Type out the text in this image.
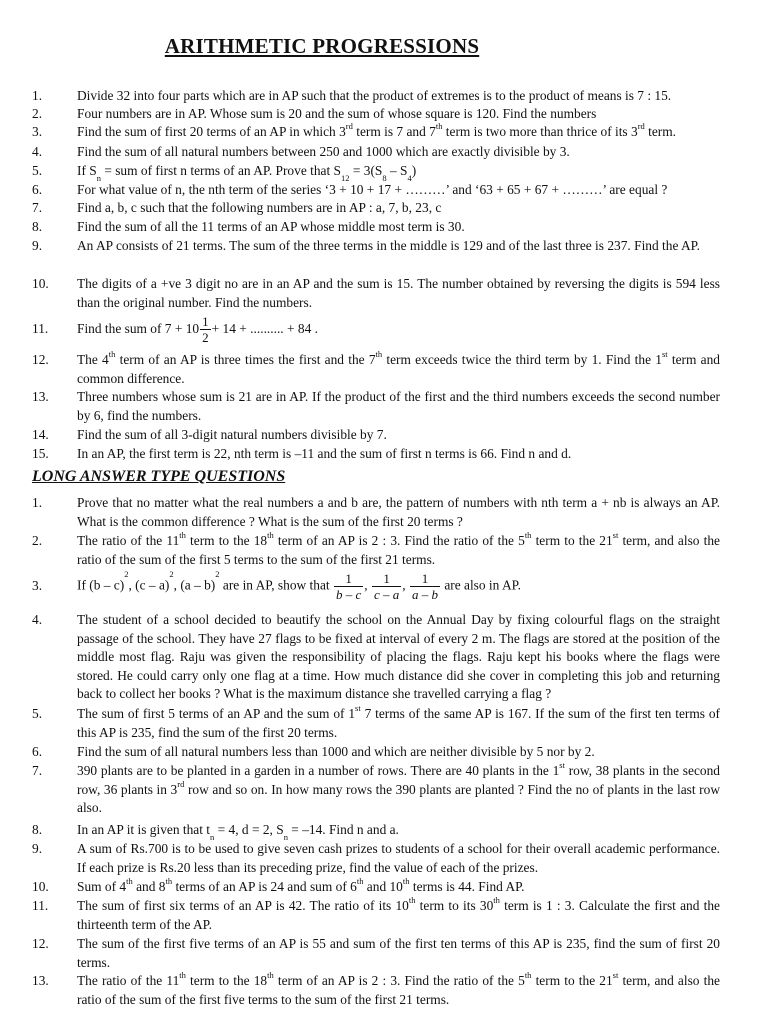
ARITHMETIC PROGRESSIONS
1.	Divide 32 into four parts which are in AP such that the product of extremes is to the product of means is 7 : 15.
2.	Four numbers are in AP. Whose sum is 20 and the sum of whose square is 120. Find the numbers
3.	Find the sum of first 20 terms of an AP in which 3rd term is 7 and 7th term is two more than thrice of its 3rd term.
4.	Find the sum of all natural numbers between 250 and 1000 which are exactly divisible by 3.
5.	If $S_n$ = sum of first n terms of an AP. Prove that $S_{12} = 3(S_8 - S_4)$
6.	For what value of n, the nth term of the series ‘3 + 10 + 17 + ………’ and ‘63 + 65 + 67 + ………’ are equal ?
7.	Find a, b, c such that the following numbers are in AP : a, 7, b, 23, c
8.	Find the sum of all the 11 terms of an AP whose middle most term is 30.
9.	An AP consists of 21 terms. The sum of the three terms in the middle is 129 and of the last three is 237. Find the AP.
10.	The digits of a +ve 3 digit no are in an AP and the sum is 15. The number obtained by reversing the digits is 594 less than the original number. Find the numbers.
11.	Find the sum of $7 + 10 \frac{1}{2} + 14$ + .......... + 84 .
12.	The 4th term of an AP is three times the first and the 7th term exceeds twice the third term by 1. Find the 1st term and common difference.
13.	Three numbers whose sum is 21 are in AP. If the product of the first and the third numbers exceeds the second number by 6, find the numbers.
14.	Find the sum of all 3-digit natural numbers divisible by 7.
15.	In an AP, the first term is 22, nth term is –11 and the sum of first n terms is 66. Find n and d.
LONG ANSWER TYPE QUESTIONS
1.	Prove that no matter what the real numbers a and b are, the pattern of numbers with nth term a + nb is always an AP. What is the common difference ? What is the sum of the first 20 terms ?
2.	The ratio of the 11th term to the 18th term of an AP is 2 : 3. Find the ratio of the 5th term to the 21st term, and also the ratio of the sum of the first 5 terms to the sum of the first 21 terms.
3.	If (b – c)$^2$, (c – a)$^2$, (a – b)$^2$ are in AP, show that $\frac{1}{b - c}$ , $\frac{1}{c - a}$ , $\frac{1}{a - b}$ are also in AP.
4.	The student of a school decided to beautify the school on the Annual Day by fixing colourful flags on the straight passage of the school. They have 27 flags to be fixed at interval of every 2 m. The flags are stored at the position of the middle most flag. Raju was given the responsibility of placing the flags. Raju kept his books where the flags were stored. He could carry only one flag at a time. How much distance did she cover in completing this job and returning back to collect her books ? What is the maximum distance she travelled carrying a flag ?
5.	The sum of first 5 terms of an AP and the sum of 1st 7 terms of the same AP is 167. If the sum of the first ten terms of this AP is 235, find the sum of the first 20 terms.
6.	Find the sum of all natural numbers less than 1000 and which are neither divisible by 5 nor by 2.
7.	390 plants are to be planted in a garden in a number of rows. There are 40 plants in the 1st row, 38 plants in the second row, 36 plants in 3rd row and so on. In how many rows the 390 plants are planted ? Find the no of plants in the last row also.
8.	In an AP it is given that $t_n = 4$, d = 2, $S_n = -14$. Find n and a.
9.	A sum of Rs.700 is to be used to give seven cash prizes to students of a school for their overall academic performance. If each prize is Rs.20 less than its preceding prize, find the value of each of the prizes.
10.	Sum of 4th and 8th terms of an AP is 24 and sum of 6th and 10th terms is 44. Find AP.
11.	The sum of first six terms of an AP is 42. The ratio of its 10th term to its 30th term is 1 : 3. Calculate the first and the thirteenth term of the AP.
12.	The sum of the first five terms of an AP is 55 and sum of the first ten terms of this AP is 235, find the sum of first 20 terms.
13.	The ratio of the 11th term to the 18th term of an AP is 2 : 3. Find the ratio of the 5th term to the 21st term, and also the ratio of the sum of the first five terms to the sum of the first 21 terms.
